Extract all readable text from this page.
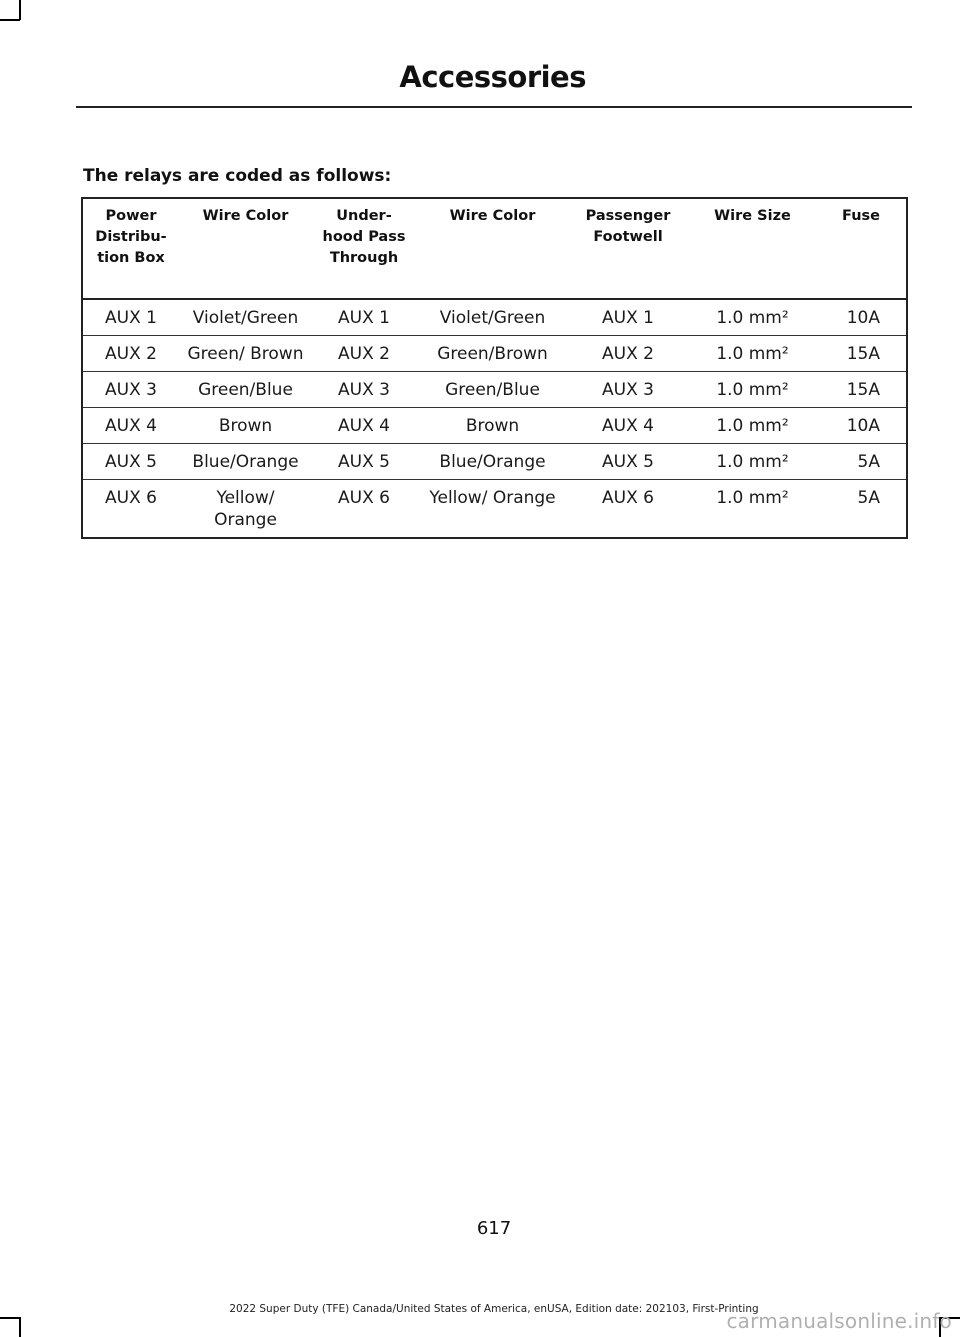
Accessories
The relays are coded as follows:
Power Distribu- tion Box	Wire Color	Under- hood Pass Through	Wire Color	Passenger Footwell	Wire Size	Fuse
AUX 1	Violet/Green	AUX 1	Violet/Green	AUX 1	1.0 mm²	10A
AUX 2	Green/ Brown	AUX 2	Green/Brown	AUX 2	1.0 mm²	15A
AUX 3	Green/Blue	AUX 3	Green/Blue	AUX 3	1.0 mm²	15A
AUX 4	Brown	AUX 4	Brown	AUX 4	1.0 mm²	10A
AUX 5	Blue/Orange	AUX 5	Blue/Orange	AUX 5	1.0 mm²	5A
AUX 6	Yellow/ Orange	AUX 6	Yellow/ Orange	AUX 6	1.0 mm²	5A
617
2022 Super Duty (TFE) Canada/United States of America, enUSA, Edition date: 202103, First-Printing
carmanualsonline.info
